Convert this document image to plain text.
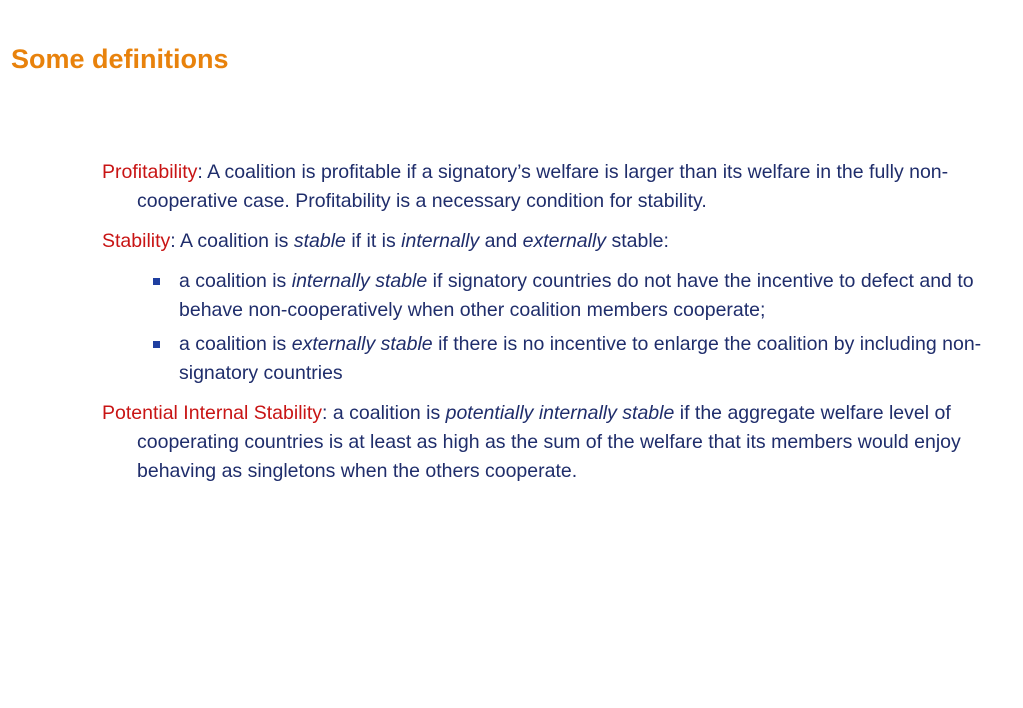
Some definitions

Profitability: A coalition is profitable if a signatory’s welfare is larger than its welfare in the fully non-cooperative case. Profitability is a necessary condition for stability.

Stability: A coalition is stable if it is internally and externally stable:

a coalition is internally stable if signatory countries do not have the incentive to defect and to behave non-cooperatively when other coalition members cooperate;
a coalition is externally stable if there is no incentive to enlarge the coalition by including non-signatory countries

Potential Internal Stability: a coalition is potentially internally stable if the aggregate welfare level of cooperating countries is at least as high as the sum of the welfare that its members would enjoy behaving as singletons when the others cooperate.
